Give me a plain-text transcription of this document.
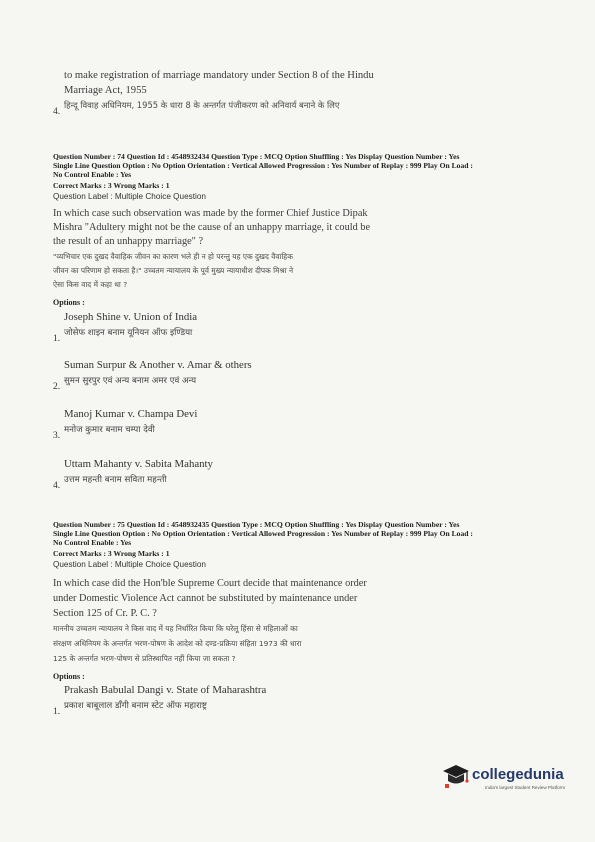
to make registration of marriage mandatory under Section 8 of the Hindu
Marriage Act, 1955
हिन्दू विवाह अधिनियम, 1955 के धारा 8 के अन्तर्गत पंजीकरण को अनिवार्य बनाने के लिए
4.
Question Number : 74 Question Id : 4548932434 Question Type : MCQ Option Shuffling : Yes Display Question Number : Yes
Single Line Question Option : No Option Orientation : Vertical Allowed Progression : Yes Number of Replay : 999 Play On Load :
No Control Enable : Yes
Correct Marks : 3 Wrong Marks : 1
Question Label : Multiple Choice Question
In which case such observation was made by the former Chief Justice Dipak
Mishra "Adultery might not be the cause of an unhappy marriage, it could be
the result of an unhappy marriage" ?
"व्यभिचार एक दुखद वैवाहिक जीवन का कारण भले ही न हो परन्तु यह एक दुखद वैवाहिक
जीवन का परिणाम हो सकता है।" उच्चतम न्यायालय के पूर्व मुख्य न्यायाधीश दीपक मिश्रा ने
ऐसा किस वाद में कहा था ?
Options :
Joseph Shine v. Union of India
जोसेफ शाइन बनाम यूनियन ऑफ इण्डिया
1.
Suman Surpur & Another v. Amar & others
सुमन सुरपुर एवं अन्य बनाम अमर एवं अन्य
2.
Manoj Kumar v. Champa Devi
मनोज कुमार बनाम चम्पा देवी
3.
Uttam Mahanty v. Sabita Mahanty
उत्तम महन्ती बनाम सविता महन्ती
4.
Question Number : 75 Question Id : 4548932435 Question Type : MCQ Option Shuffling : Yes Display Question Number : Yes
Single Line Question Option : No Option Orientation : Vertical Allowed Progression : Yes Number of Replay : 999 Play On Load :
No Control Enable : Yes
Correct Marks : 3 Wrong Marks : 1
Question Label : Multiple Choice Question
In which case did the Hon'ble Supreme Court decide that maintenance order
under Domestic Violence Act cannot be substituted by maintenance under
Section 125 of Cr. P. C. ?
माननीय उच्चतम न्यायालय ने किस वाद में यह निर्धारित किया कि घरेलू हिंसा से महिलाओं का
संरक्षण अधिनियम के अन्तर्गत भरण-पोषण के आदेश को दण्ड-प्रक्रिया संहिता 1973 की धारा
125 के अन्तर्गत भरण-पोषण से प्रतिस्थापित नहीं किया जा सकता ?
Options :
Prakash Babulal Dangi v. State of Maharashtra
प्रकाश बाबूलाल डाँगी बनाम स्टेट ऑफ महाराष्ट्र
1.
collegedunia
India's largest Student Review Platform
